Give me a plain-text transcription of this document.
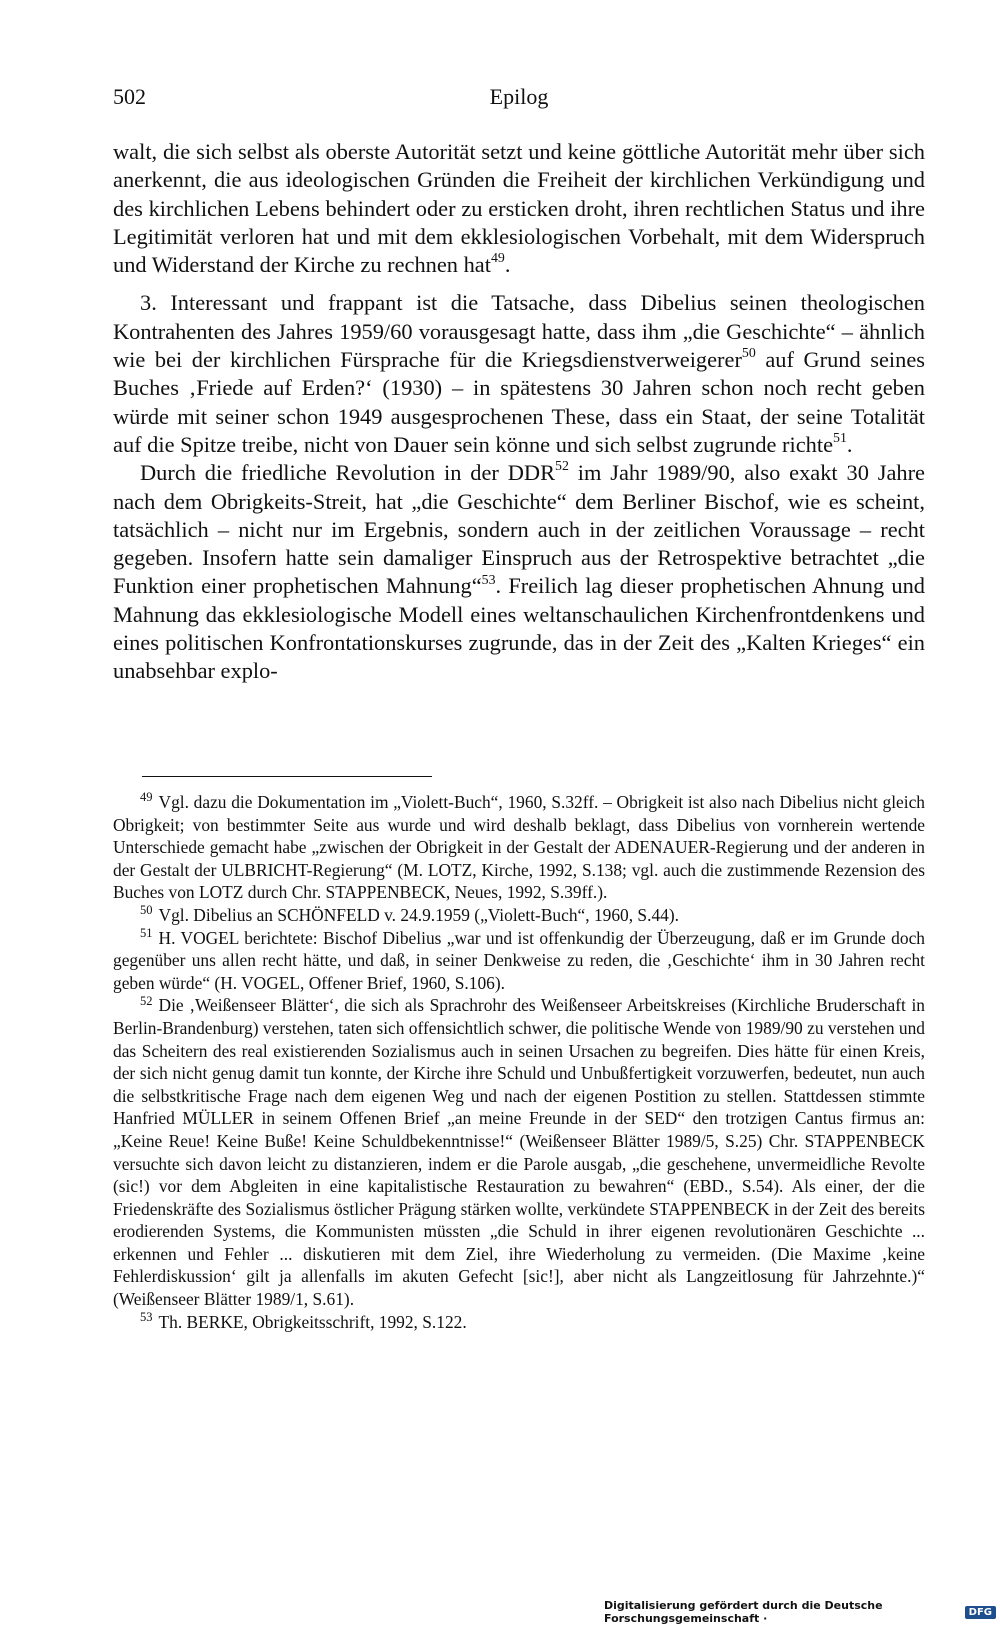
502	Epilog

walt, die sich selbst als oberste Autorität setzt und keine göttliche Autorität mehr über sich anerkennt, die aus ideologischen Gründen die Freiheit der kirchlichen Verkündigung und des kirchlichen Lebens behindert oder zu ersticken droht, ihren rechtlichen Status und ihre Legitimität verloren hat und mit dem ekklesiologischen Vorbehalt, mit dem Widerspruch und Widerstand der Kirche zu rechnen hat$^{49}$.

3. Interessant und frappant ist die Tatsache, dass Dibelius seinen theologischen Kontrahenten des Jahres 1959/60 vorausgesagt hatte, dass ihm „die Geschichte“ – ähnlich wie bei der kirchlichen Fürsprache für die Kriegsdienstverweigerer$^{50}$ auf Grund seines Buches ‚Friede auf Erden?‘ (1930) – in spätestens 30 Jahren schon noch recht geben würde mit seiner schon 1949 ausgesprochenen These, dass ein Staat, der seine Totalität auf die Spitze treibe, nicht von Dauer sein könne und sich selbst zugrunde richte$^{51}$.

Durch die friedliche Revolution in der DDR$^{52}$ im Jahr 1989/90, also exakt 30 Jahre nach dem Obrigkeits-Streit, hat „die Geschichte“ dem Berliner Bischof, wie es scheint, tatsächlich – nicht nur im Ergebnis, sondern auch in der zeitlichen Voraussage – recht gegeben. Insofern hatte sein damaliger Einspruch aus der Retrospektive betrachtet „die Funktion einer prophetischen Mahnung“$^{53}$. Freilich lag dieser prophetischen Ahnung und Mahnung das ekklesiologische Modell eines weltanschaulichen Kirchenfrontdenkens und eines politischen Konfrontationskurses zugrunde, das in der Zeit des „Kalten Krieges“ ein unabsehbar explo-

$^{49}$ Vgl. dazu die Dokumentation im „Violett-Buch“, 1960, S.32ff. – Obrigkeit ist also nach Dibelius nicht gleich Obrigkeit; von bestimmter Seite aus wurde und wird deshalb beklagt, dass Dibelius von vornherein wertende Unterschiede gemacht habe „zwischen der Obrigkeit in der Gestalt der ADENAUER-Regierung und der anderen in der Gestalt der ULBRICHT-Regierung“ (M. LOTZ, Kirche, 1992, S.138; vgl. auch die zustimmende Rezension des Buches von LOTZ durch Chr. STAPPENBECK, Neues, 1992, S.39ff.).

$^{50}$ Vgl. Dibelius an SCHÖNFELD v. 24.9.1959 („Violett-Buch“, 1960, S.44).

$^{51}$ H. VOGEL berichtete: Bischof Dibelius „war und ist offenkundig der Überzeugung, daß er im Grunde doch gegenüber uns allen recht hätte, und daß, in seiner Denkweise zu reden, die ‚Geschichte‘ ihm in 30 Jahren recht geben würde“ (H. VOGEL, Offener Brief, 1960, S.106).

$^{52}$ Die ‚Weißenseer Blätter‘, die sich als Sprachrohr des Weißenseer Arbeitskreises (Kirchliche Bruderschaft in Berlin-Brandenburg) verstehen, taten sich offensichtlich schwer, die politische Wende von 1989/90 zu verstehen und das Scheitern des real existierenden Sozialismus auch in seinen Ursachen zu begreifen. Dies hätte für einen Kreis, der sich nicht genug damit tun konnte, der Kirche ihre Schuld und Unbußfertigkeit vorzuwerfen, bedeutet, nun auch die selbstkritische Frage nach dem eigenen Weg und nach der eigenen Postition zu stellen. Stattdessen stimmte Hanfried MÜLLER in seinem Offenen Brief „an meine Freunde in der SED“ den trotzigen Cantus firmus an: „Keine Reue! Keine Buße! Keine Schuldbekenntnisse!“ (Weißenseer Blätter 1989/5, S.25) Chr. STAPPENBECK versuchte sich davon leicht zu distanzieren, indem er die Parole ausgab, „die geschehene, unvermeidliche Revolte (sic!) vor dem Abgleiten in eine kapitalistische Restauration zu bewahren“ (EBD., S.54). Als einer, der die Friedenskräfte des Sozialismus östlicher Prägung stärken wollte, verkündete STAPPENBECK in der Zeit des bereits erodierenden Systems, die Kommunisten müssten „die Schuld in ihrer eigenen revolutionären Geschichte ... erkennen und Fehler ... diskutieren mit dem Ziel, ihre Wiederholung zu vermeiden. (Die Maxime ‚keine Fehlerdiskussion‘ gilt ja allenfalls im akuten Gefecht [sic!], aber nicht als Langzeitlosung für Jahrzehnte.)“ (Weißenseer Blätter 1989/1, S.61).

$^{53}$ Th. BERKE, Obrigkeitsschrift, 1992, S.122.

Digitalisierung gefördert durch die Deutsche Forschungsgemeinschaft ·	DFG
